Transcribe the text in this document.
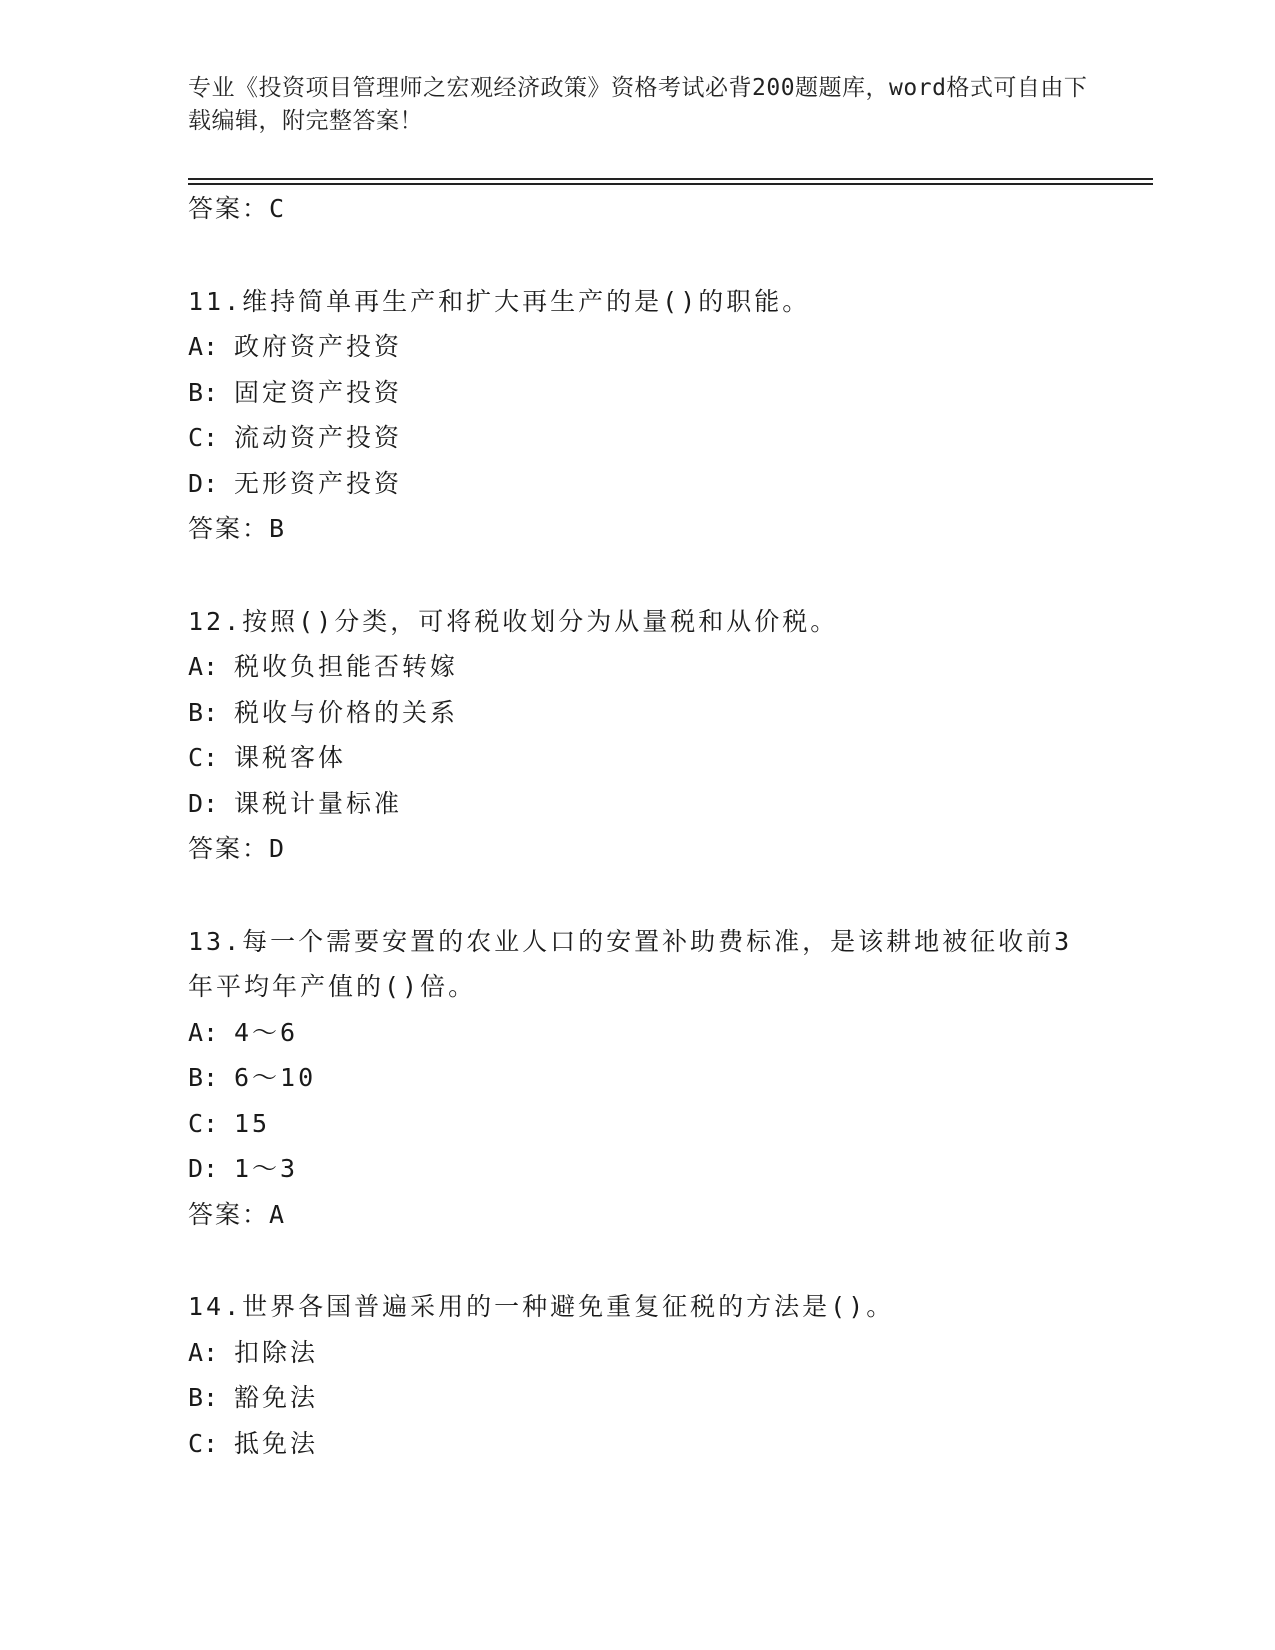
专业《投资项目管理师之宏观经济政策》资格考试必背200题题库，word格式可自由下载编辑，附完整答案！
答案：C
11.维持简单再生产和扩大再生产的是()的职能。
A: 政府资产投资
B: 固定资产投资
C: 流动资产投资
D: 无形资产投资
答案：B
12.按照()分类，可将税收划分为从量税和从价税。
A: 税收负担能否转嫁
B: 税收与价格的关系
C: 课税客体
D: 课税计量标准
答案：D
13.每一个需要安置的农业人口的安置补助费标准，是该耕地被征收前3年平均年产值的()倍。
A: 4～6
B: 6～10
C: 15
D: 1～3
答案：A
14.世界各国普遍采用的一种避免重复征税的方法是()。
A: 扣除法
B: 豁免法
C: 抵免法
